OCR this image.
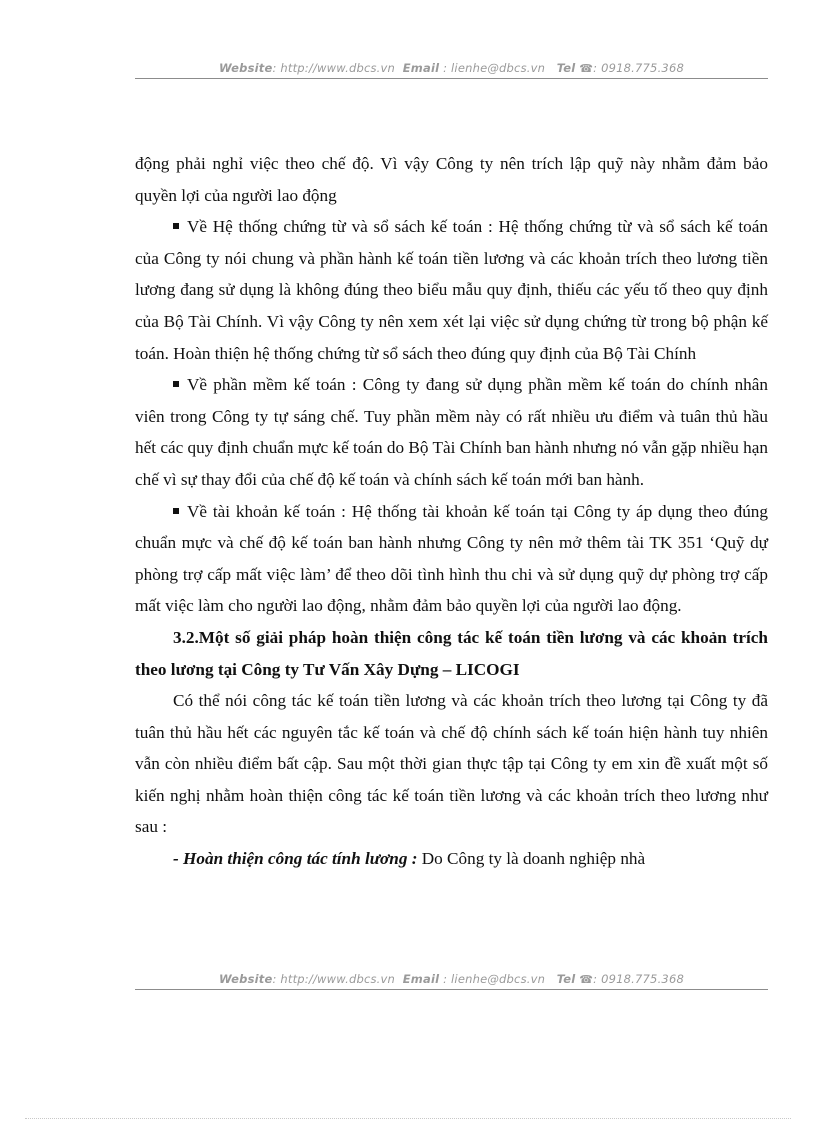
Website: http://www.dbcs.vn Email : lienhe@dbcs.vn Tel ☎: 0918.775.368

động phải nghỉ việc theo chế độ. Vì vậy Công ty nên trích lập quỹ này nhằm đảm bảo quyền lợi của người lao động

Về Hệ thống chứng từ và sổ sách kế toán : Hệ thống chứng từ và sổ sách kế toán của Công ty nói chung và phần hành kế toán tiền lương và các khoản trích theo lương tiền lương đang sử dụng là không đúng theo biểu mẫu quy định, thiếu các yếu tố theo quy định của Bộ Tài Chính. Vì vậy Công ty nên xem xét lại việc sử dụng chứng từ trong bộ phận kế toán. Hoàn thiện hệ thống chứng từ sổ sách theo đúng quy định của Bộ Tài Chính

Về phần mềm kế toán : Công ty đang sử dụng phần mềm kế toán do chính nhân viên trong Công ty tự sáng chế. Tuy phần mềm này có rất nhiều ưu điểm và tuân thủ hầu hết các quy định chuẩn mực kế toán do Bộ Tài Chính ban hành nhưng nó vẫn gặp nhiều hạn chế vì sự thay đổi của chế độ kế toán và chính sách kế toán mới ban hành.

Về tài khoản kế toán : Hệ thống tài khoản kế toán tại Công ty áp dụng theo đúng chuẩn mực và chế độ kế toán ban hành nhưng Công ty nên mở thêm tài TK 351 ‘Quỹ dự phòng trợ cấp mất việc làm’ để theo dõi tình hình thu chi và sử dụng quỹ dự phòng trợ cấp mất việc làm cho người lao động, nhằm đảm bảo quyền lợi của người lao động.

3.2.Một số giải pháp hoàn thiện công tác kế toán tiền lương và các khoản trích theo lương tại Công ty Tư Vấn Xây Dựng – LICOGI

Có thể nói công tác kế toán tiền lương và các khoản trích theo lương tại Công ty đã tuân thủ hầu hết các nguyên tắc kế toán và chế độ chính sách kế toán hiện hành tuy nhiên vẫn còn nhiều điểm bất cập. Sau một thời gian thực tập tại Công ty em xin đề xuất một số kiến nghị nhằm hoàn thiện công tác kế toán tiền lương và các khoản trích theo lương như sau :

- Hoàn thiện công tác tính lương : Do Công ty là doanh nghiệp nhà

Website: http://www.dbcs.vn Email : lienhe@dbcs.vn Tel ☎: 0918.775.368
